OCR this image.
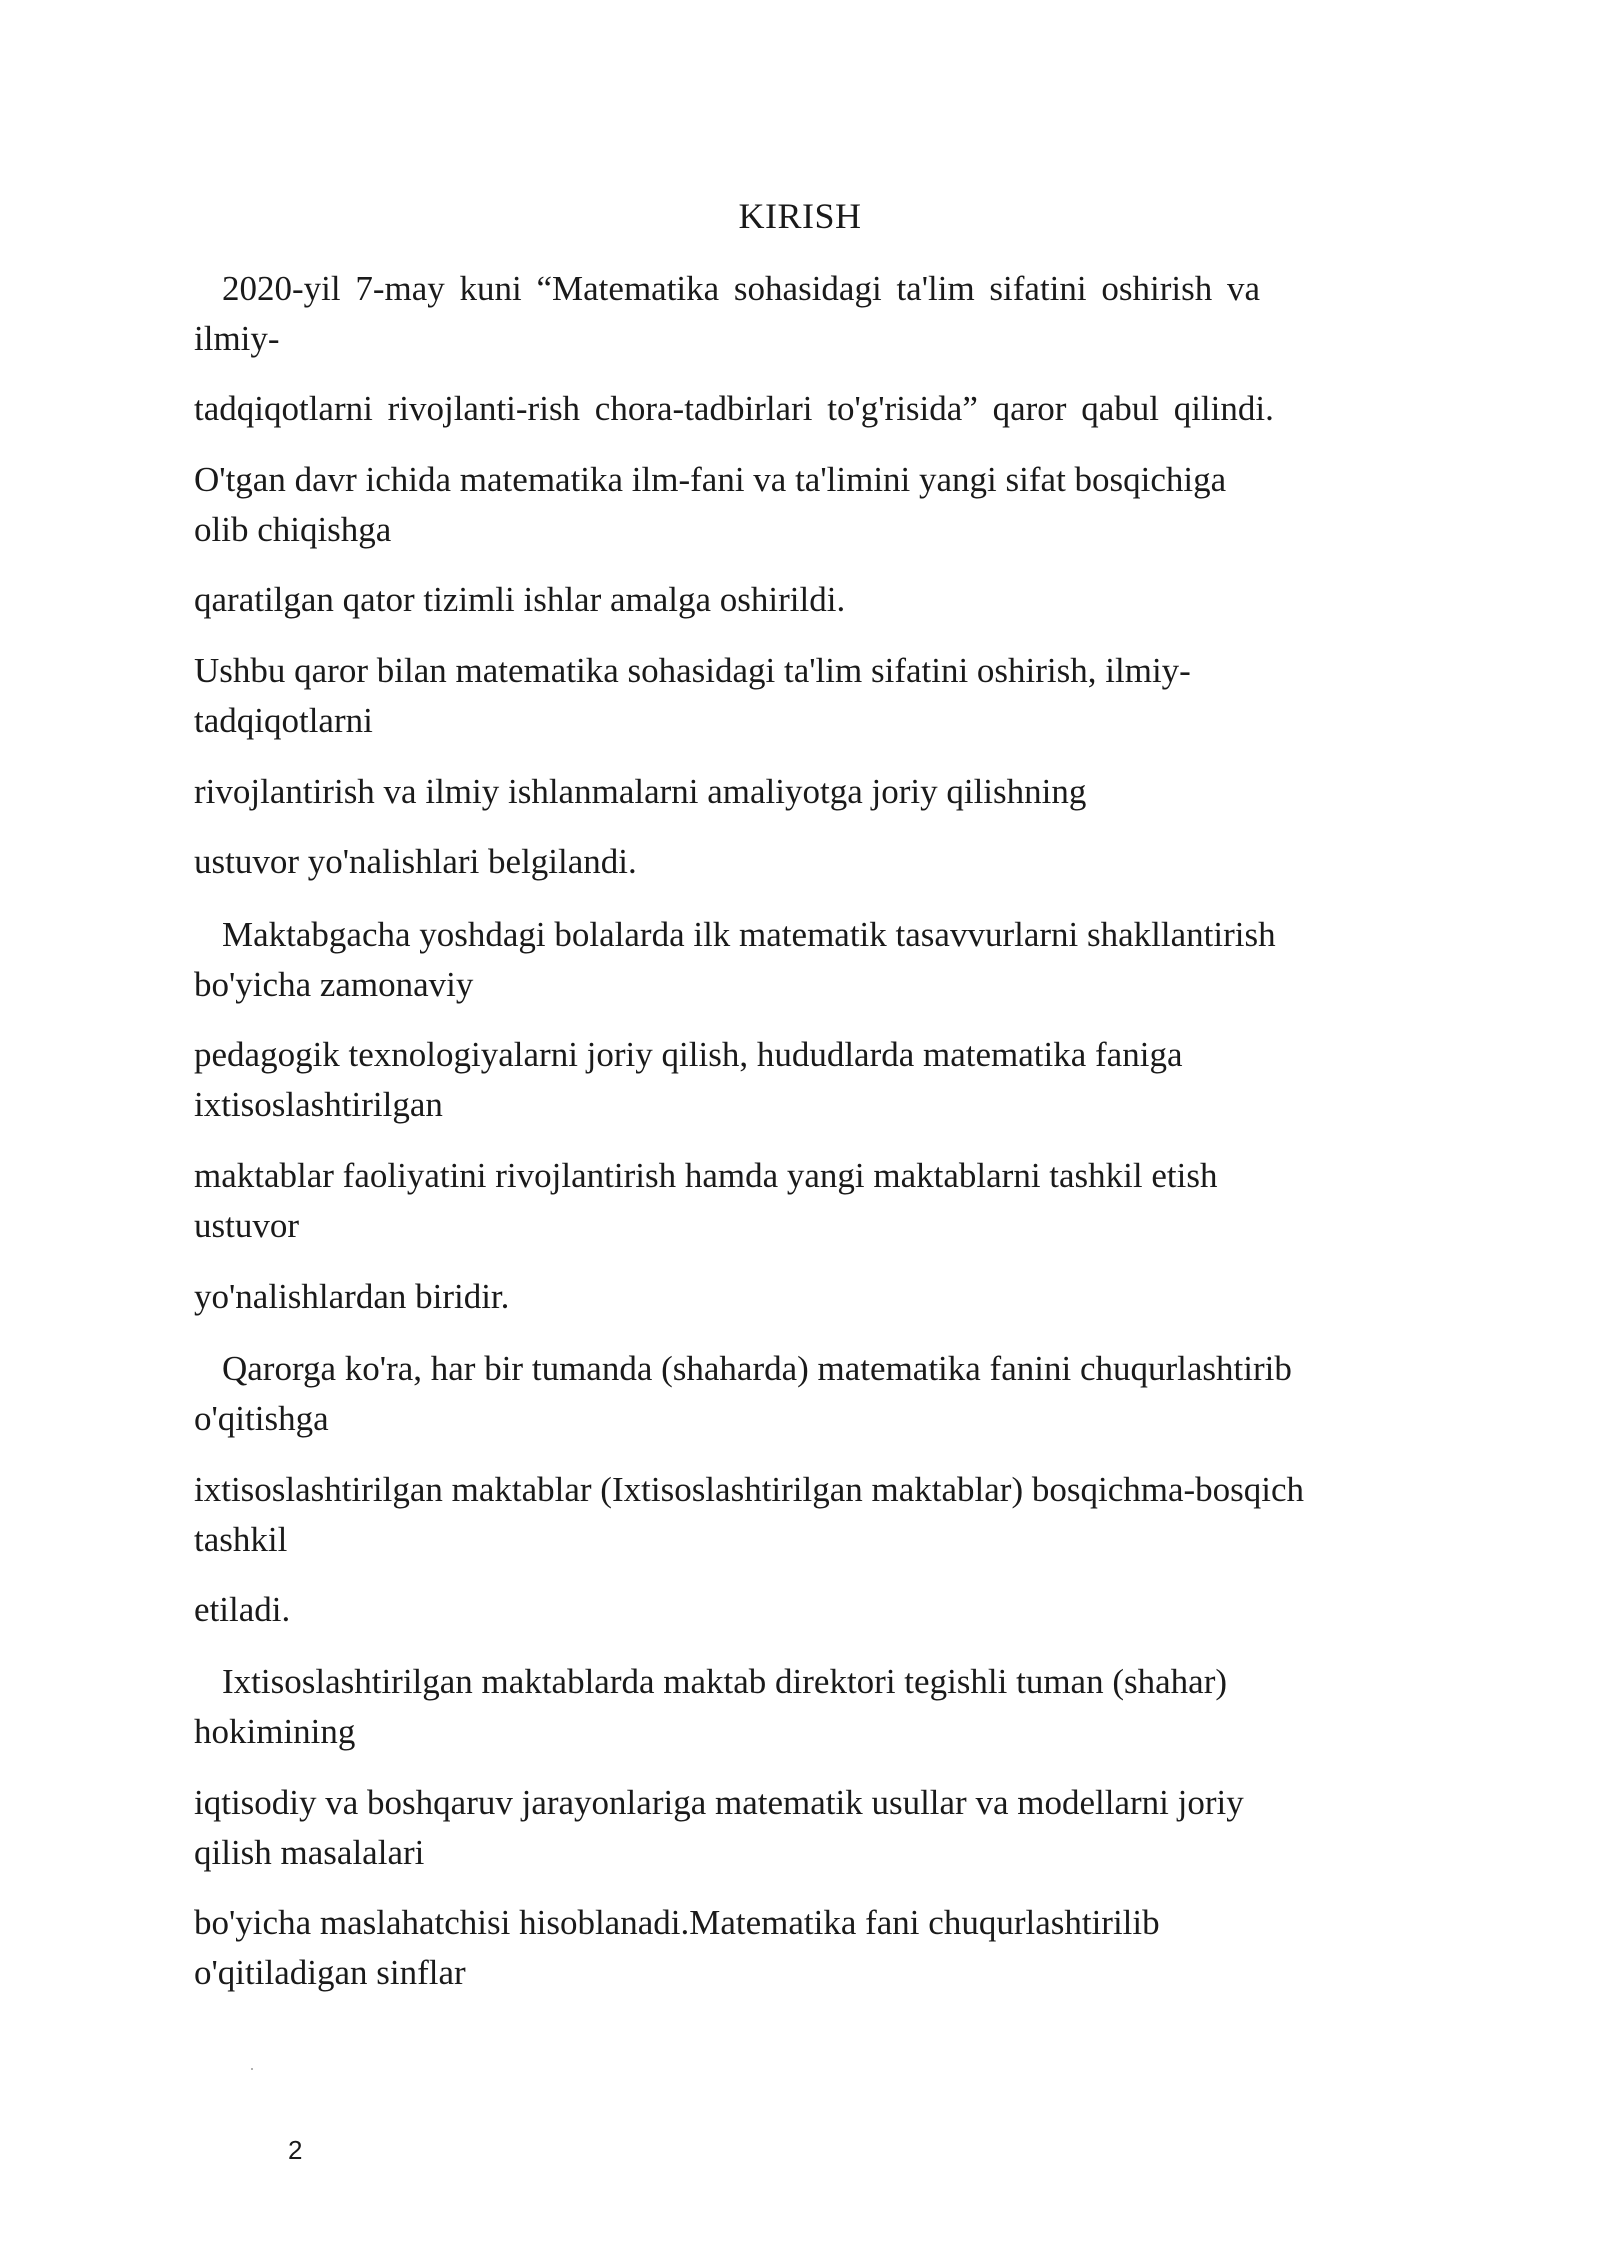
KIRISH
2020-yil 7-may kuni “Matematika sohasidagi ta'lim sifatini oshirish va
ilmiy-
tadqiqotlarni rivojlanti-rish chora-tadbirlari to'g'risida” qaror qabul qilindi.
O'tgan davr ichida matematika ilm-fani va ta'limini yangi sifat bosqichiga
olib chiqishga
qaratilgan qator tizimli ishlar amalga oshirildi.
Ushbu qaror bilan matematika sohasidagi ta'lim sifatini oshirish, ilmiy-
tadqiqotlarni
rivojlantirish va ilmiy ishlanmalarni amaliyotga joriy qilishning
ustuvor yo'nalishlari belgilandi.
Maktabgacha yoshdagi bolalarda ilk matematik tasavvurlarni shakllantirish
bo'yicha zamonaviy
pedagogik texnologiyalarni joriy qilish, hududlarda matematika faniga
ixtisoslashtirilgan
maktablar faoliyatini rivojlantirish hamda yangi maktablarni tashkil etish
ustuvor
yo'nalishlardan biridir.
Qarorga ko'ra, har bir tumanda (shaharda) matematika fanini chuqurlashtirib
o'qitishga
ixtisoslashtirilgan maktablar (Ixtisoslashtirilgan maktablar) bosqichma-bosqich
tashkil
etiladi.
Ixtisoslashtirilgan maktablarda maktab direktori tegishli tuman (shahar)
hokimining
iqtisodiy va boshqaruv jarayonlariga matematik usullar va modellarni joriy
qilish masalalari
bo'yicha maslahatchisi hisoblanadi.Matematika fani chuqurlashtirilib
o'qitiladigan sinflar
2
